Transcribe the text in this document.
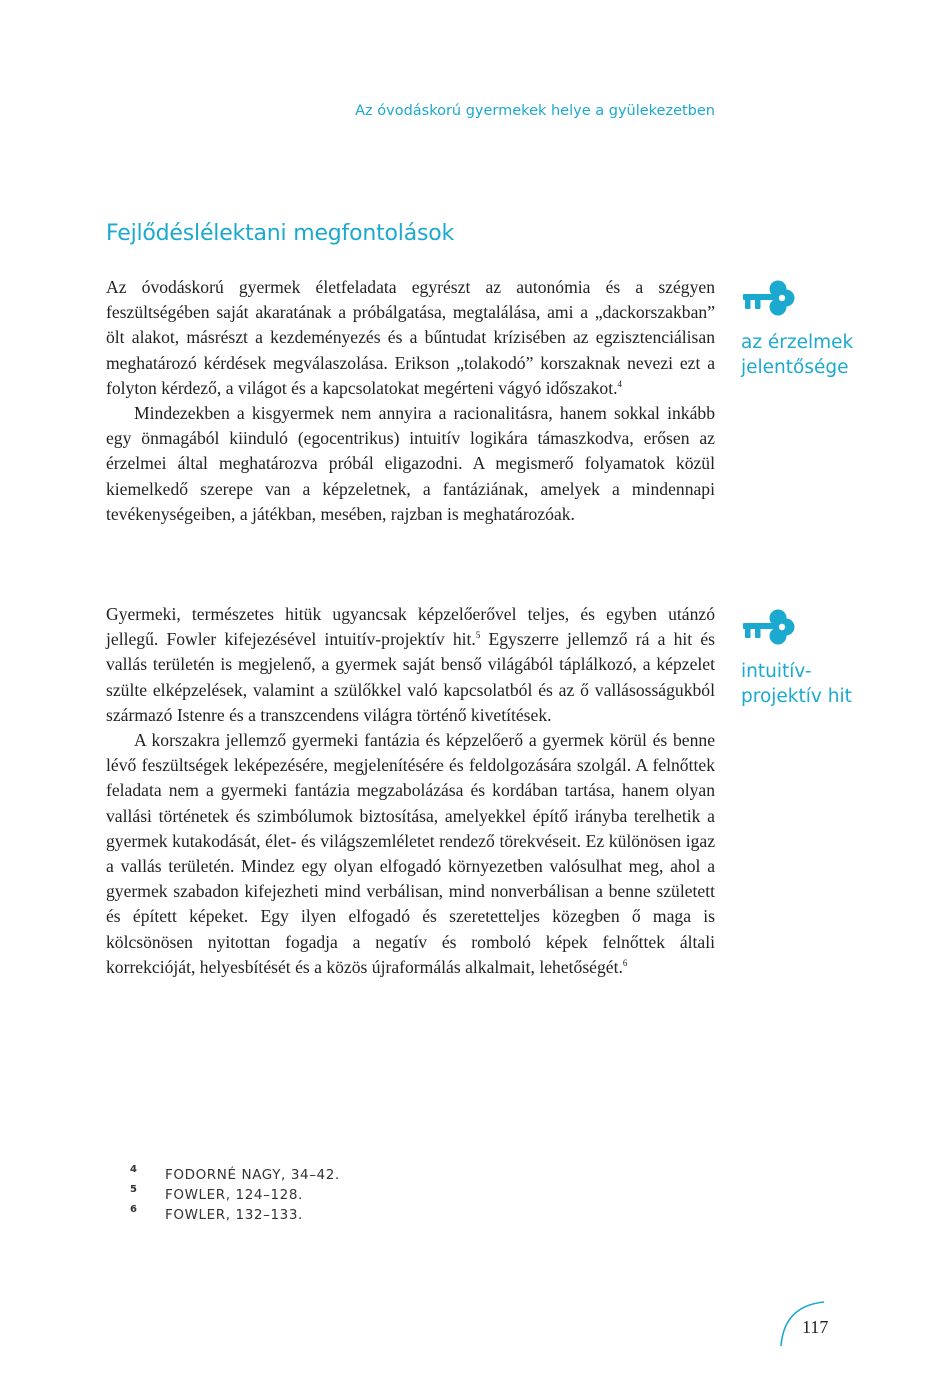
Az óvodáskorú gyermekek helye a gyülekezetben
Fejlődéslélektani megfontolások

Az óvodáskorú gyermek életfeladata egyrészt az autonómia és a szégyen feszültségében saját akaratának a próbálgatása, megtalálása, ami a „dackorszakban” ölt alakot, másrészt a kezdeményezés és a bűntudat krízisében az egzisztenciálisan meghatározó kérdések megválaszolása. Erikson „tolakodó” korszaknak nevezi ezt a folyton kérdező, a világot és a kapcsolatokat megérteni vágyó időszakot.$^4$

Mindezekben a kisgyermek nem annyira a racionalitásra, hanem sokkal inkább egy önmagából kiinduló (egocentrikus) intuitív logikára támaszkodva, erősen az érzelmei által meghatározva próbál eligazodni. A megismerő folyamatok közül kiemelkedő szerepe van a képzeletnek, a fantáziának, amelyek a mindennapi tevékenységeiben, a játékban, mesében, rajzban is meghatározóak.

Gyermeki, természetes hitük ugyancsak képzelőerővel teljes, és egyben utánzó jellegű. Fowler kifejezésével intuitív-projektív hit.$^5$ Egyszerre jellemző rá a hit és vallás területén is megjelenő, a gyermek saját benső világából táplálkozó, a képzelet szülte elképzelések, valamint a szülőkkel való kapcsolatból és az ő vallásosságukból származó Istenre és a transzcendens világra történő kivetítések.

A korszakra jellemző gyermeki fantázia és képzelőerő a gyermek körül és benne lévő feszültségek leképezésére, megjelenítésére és feldolgozására szolgál. A felnőttek feladata nem a gyermeki fantázia megzabolázása és kordában tartása, hanem olyan vallási történetek és szimbólumok biztosítása, amelyekkel építő irányba terelhetik a gyermek kutakodását, élet- és világszemléletet rendező törekvéseit. Ez különösen igaz a vallás területén. Mindez egy olyan elfogadó környezetben valósulhat meg, ahol a gyermek szabadon kifejezheti mind verbálisan, mind nonverbálisan a benne született és épített képeket. Egy ilyen elfogadó és szeretetteljes közegben ő maga is kölcsönösen nyitottan fogadja a negatív és romboló képek felnőttek általi korrekcióját, helyesbítését és a közös újraformálás alkalmait, lehetőségét.$^6$

az érzelmek
jelentősége
intuitív-
projektív hit
4 FODORNÉ NAGY, 34–42.
5 FOWLER, 124–128.
6 FOWLER, 132–133.
117
